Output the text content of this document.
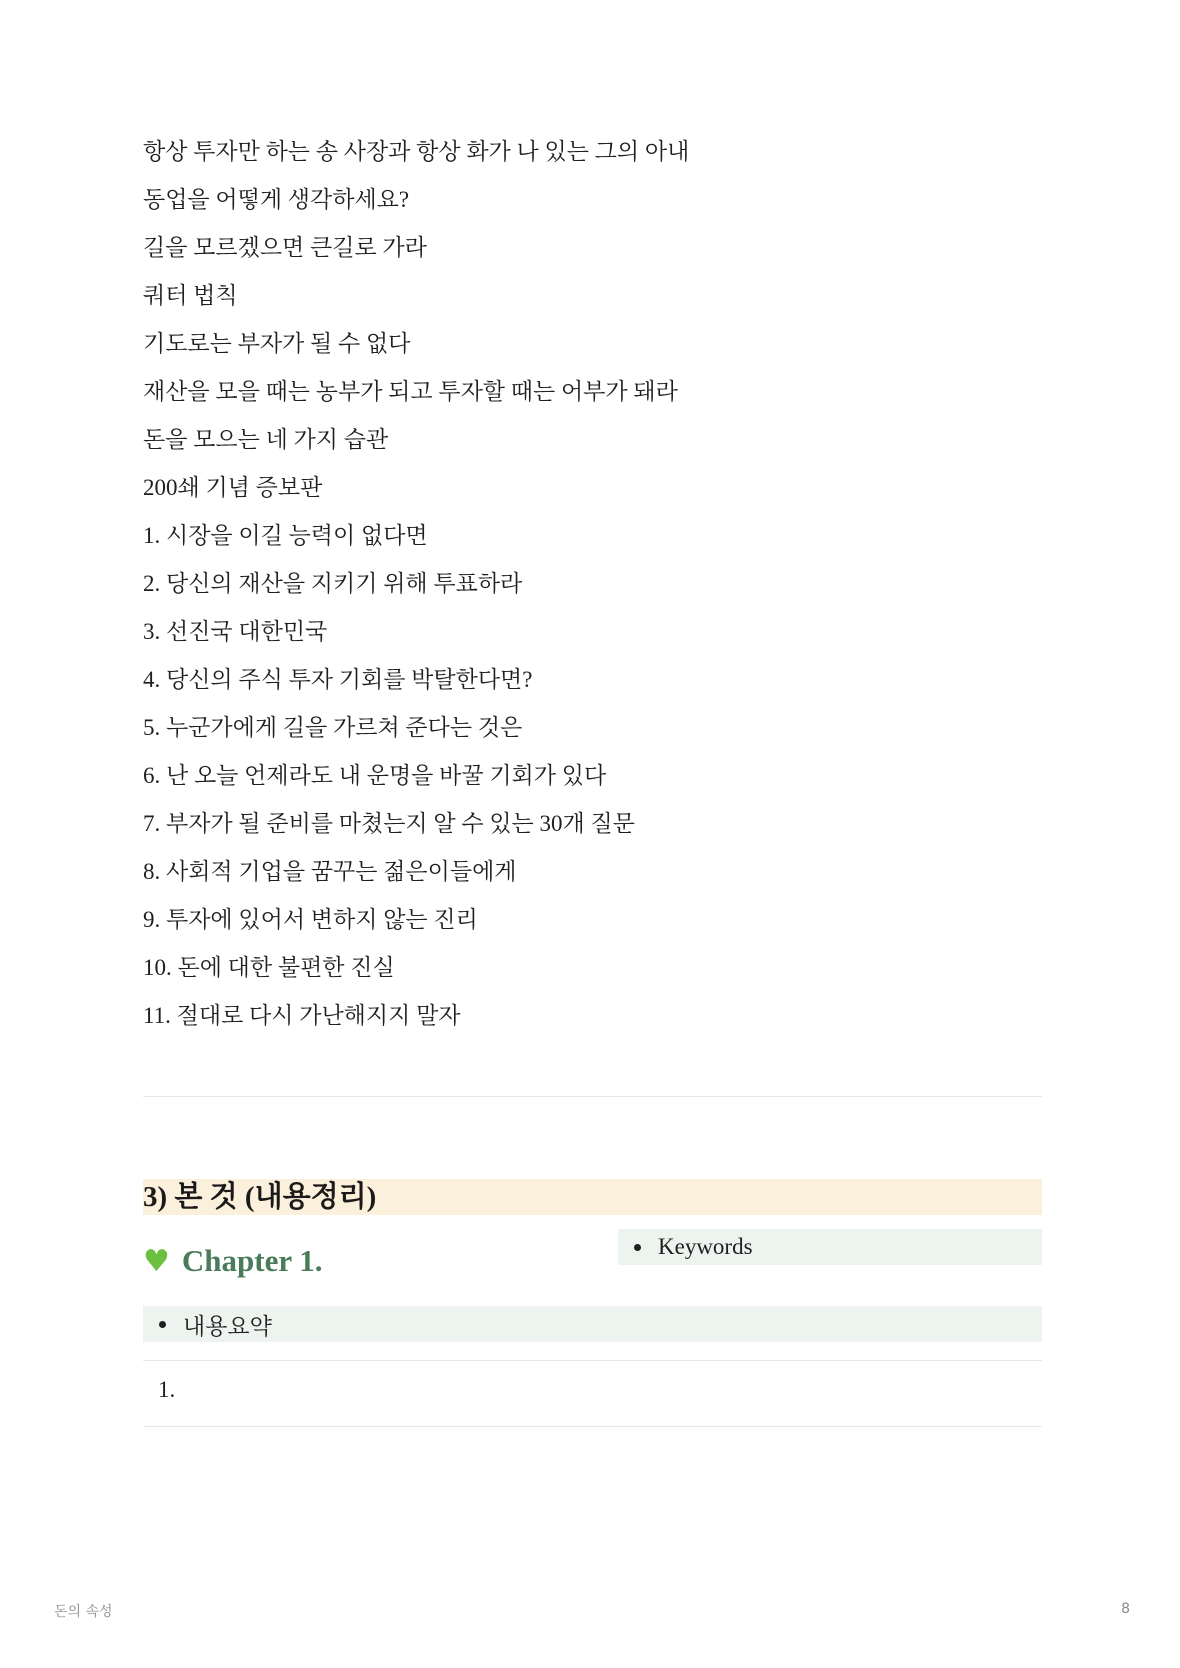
항상 투자만 하는 송 사장과 항상 화가 나 있는 그의 아내
동업을 어떻게 생각하세요?
길을 모르겠으면 큰길로 가라
쿼터 법칙
기도로는 부자가 될 수 없다
재산을 모을 때는 농부가 되고 투자할 때는 어부가 돼라
돈을 모으는 네 가지 습관
200쇄 기념 증보판
1. 시장을 이길 능력이 없다면
2. 당신의 재산을 지키기 위해 투표하라
3. 선진국 대한민국
4. 당신의 주식 투자 기회를 박탈한다면?
5. 누군가에게 길을 가르쳐 준다는 것은
6. 난 오늘 언제라도 내 운명을 바꿀 기회가 있다
7. 부자가 될 준비를 마쳤는지 알 수 있는 30개 질문
8. 사회적 기업을 꿈꾸는 젊은이들에게
9. 투자에 있어서 변하지 않는 진리
10. 돈에 대한 불편한 진실
11. 절대로 다시 가난해지지 말자
3) 본 것 (내용정리)
♥ Chapter 1.	Keywords
내용요약
1.
돈의 속성	8
